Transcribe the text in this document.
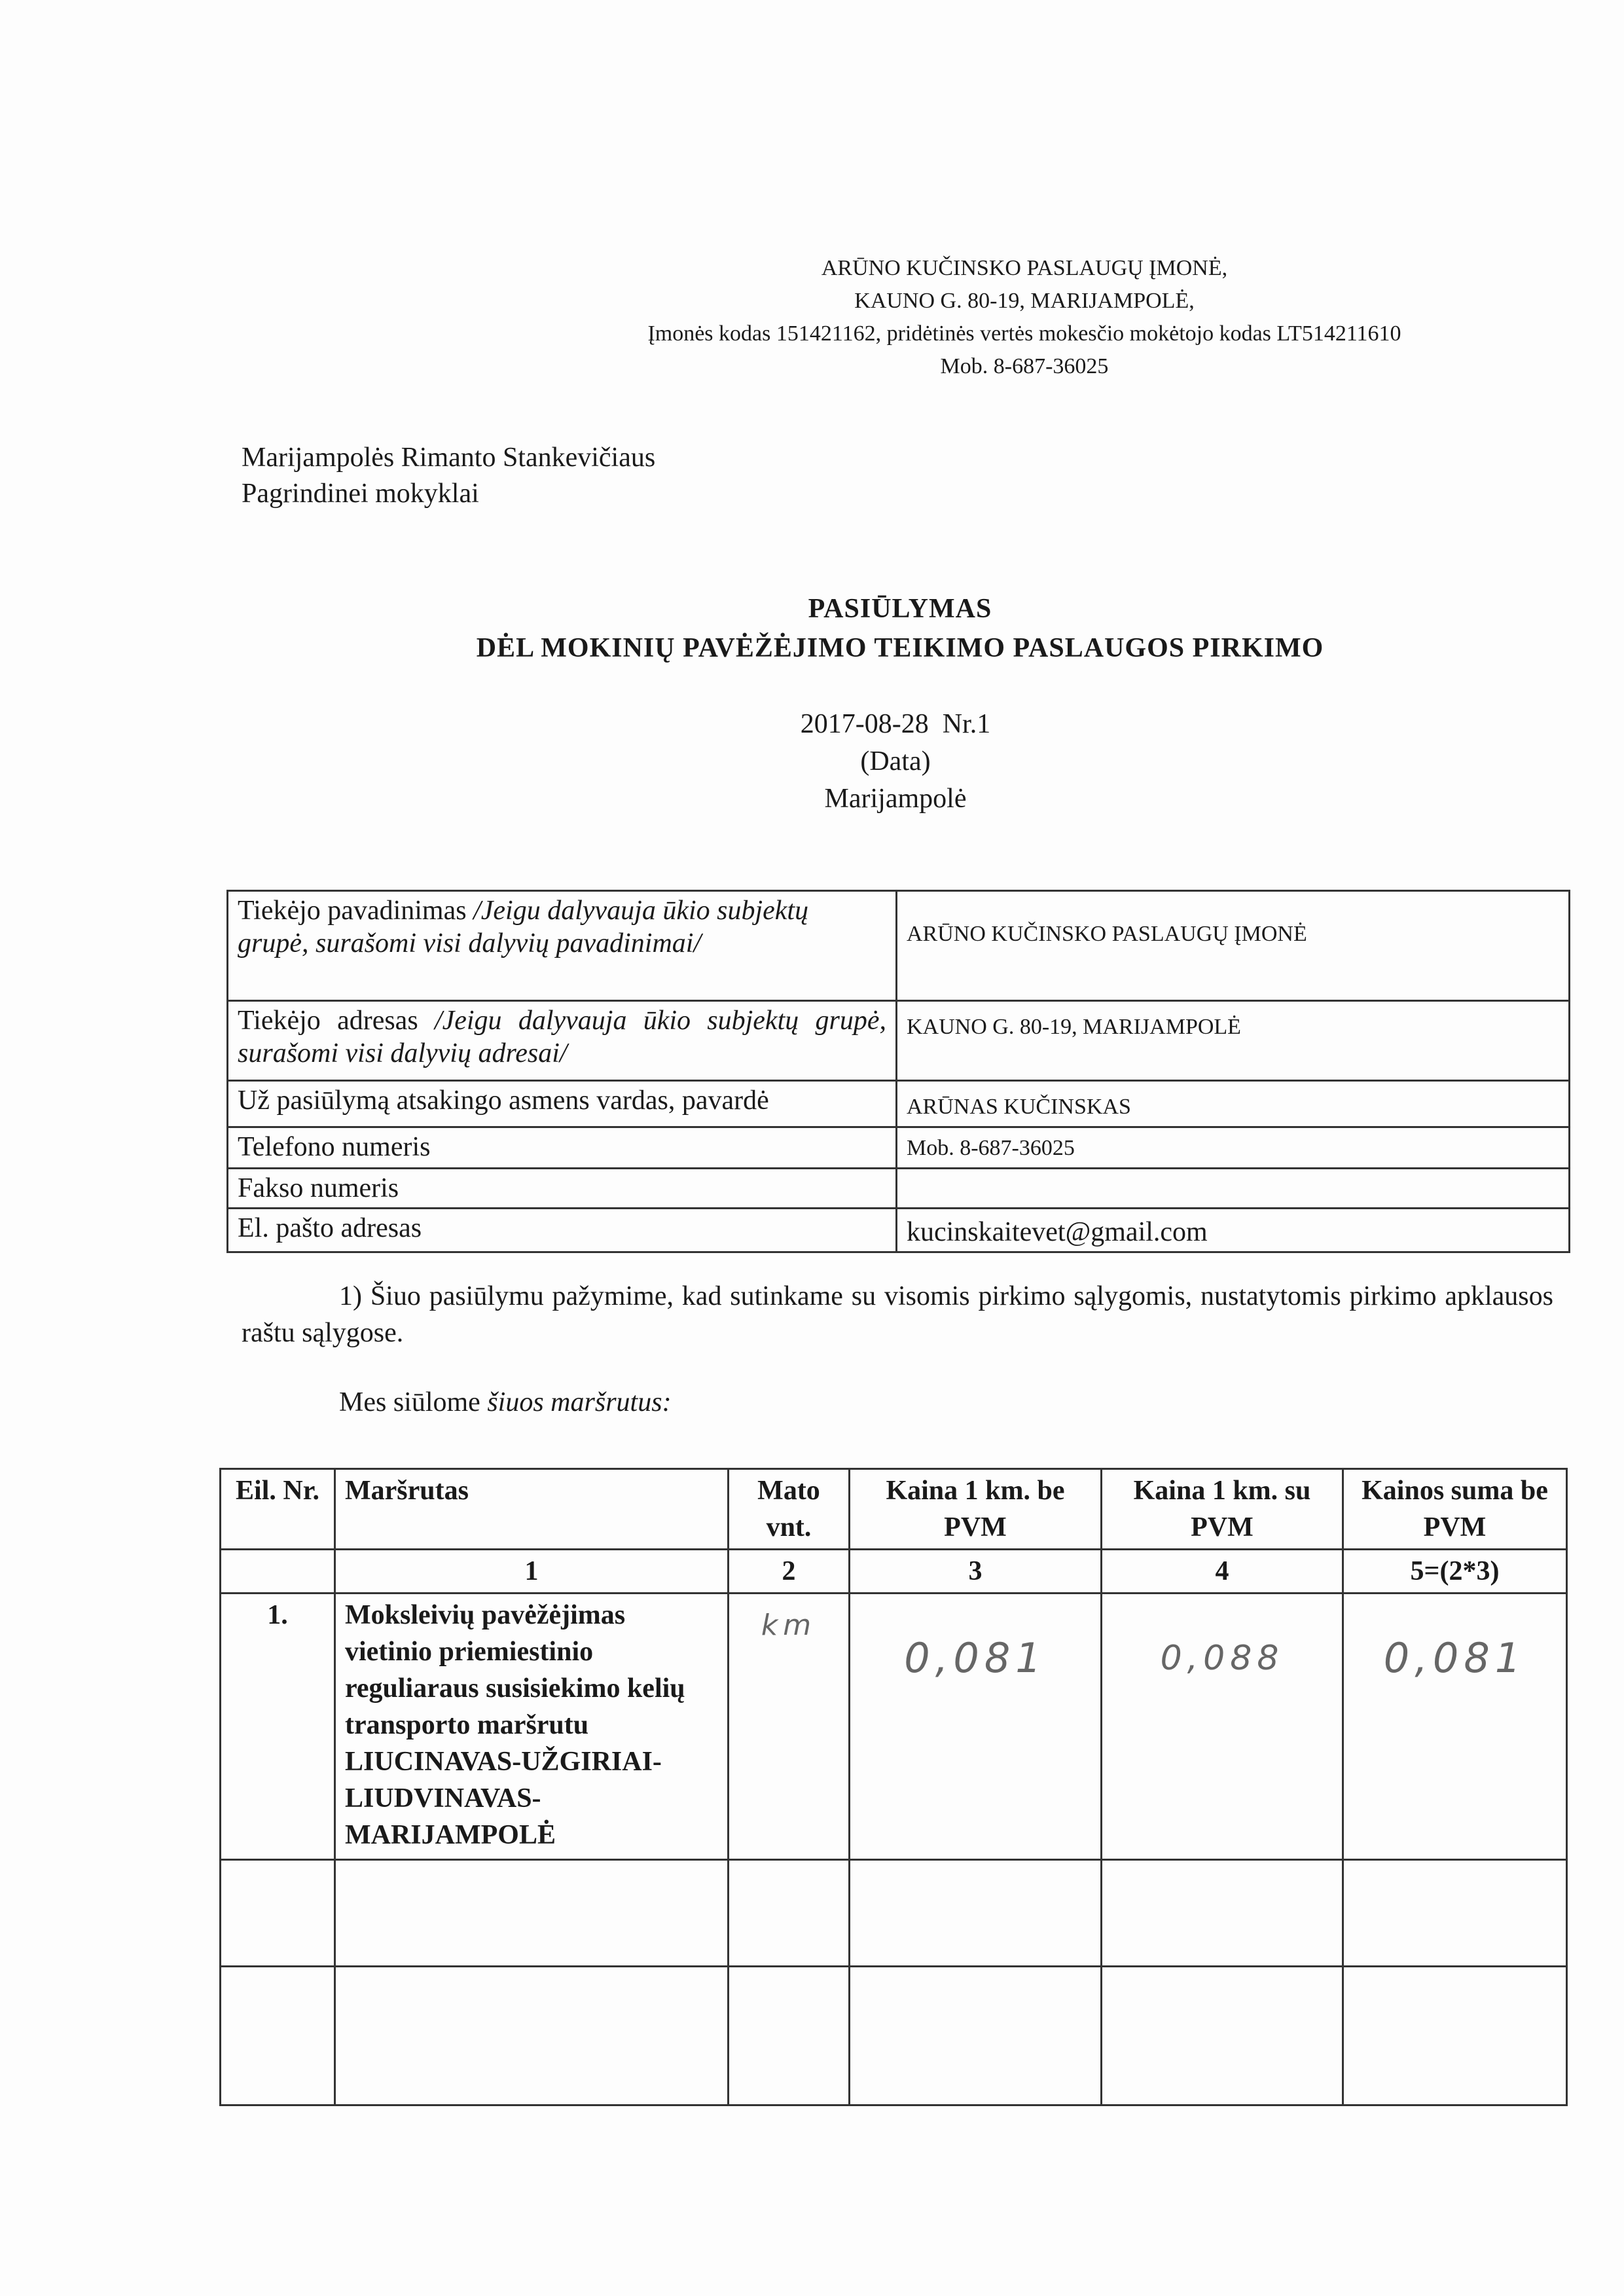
ARŪNO KUČINSKO PASLAUGŲ ĮMONĖ,
KAUNO G. 80-19, MARIJAMPOLĖ,
Įmonės kodas 151421162, pridėtinės vertės mokesčio mokėtojo kodas LT514211610
Mob. 8-687-36025
Marijampolės Rimanto Stankevičiaus
Pagrindinei mokyklai
PASIŪLYMAS
DĖL MOKINIŲ PAVĖŽĖJIMO TEIKIMO PASLAUGOS PIRKIMO
2017-08-28  Nr.1
(Data)
Marijampolė
Tiekėjo pavadinimas /Jeigu dalyvauja ūkio subjektų grupė, surašomi visi dalyvių pavadinimai/	ARŪNO KUČINSKO PASLAUGŲ ĮMONĖ
Tiekėjo adresas /Jeigu dalyvauja ūkio subjektų grupė, surašomi visi dalyvių adresai/	KAUNO G. 80-19, MARIJAMPOLĖ
Už pasiūlymą atsakingo asmens vardas, pavardė	ARŪNAS KUČINSKAS
Telefono numeris	Mob. 8-687-36025
Fakso numeris	
El. pašto adresas	kucinskaitevet@gmail.com
1) Šiuo pasiūlymu pažymime, kad sutinkame su visomis pirkimo sąlygomis, nustatytomis pirkimo apklausos raštu sąlygose.
Mes siūlome šiuos maršrutus:
Eil. Nr.	Maršrutas	Mato vnt.	Kaina 1 km. be PVM	Kaina 1 km. su PVM	Kainos suma be PVM
	1	2	3	4	5=(2*3)
1.	Moksleivių pavėžėjimas vietinio priemiestinio reguliaraus susisiekimo kelių transporto maršrutu LIUCINAVAS-UŽGIRIAI-LIUDVINAVAS-MARIJAMPOLĖ	km	0,081	0,088	0,081
